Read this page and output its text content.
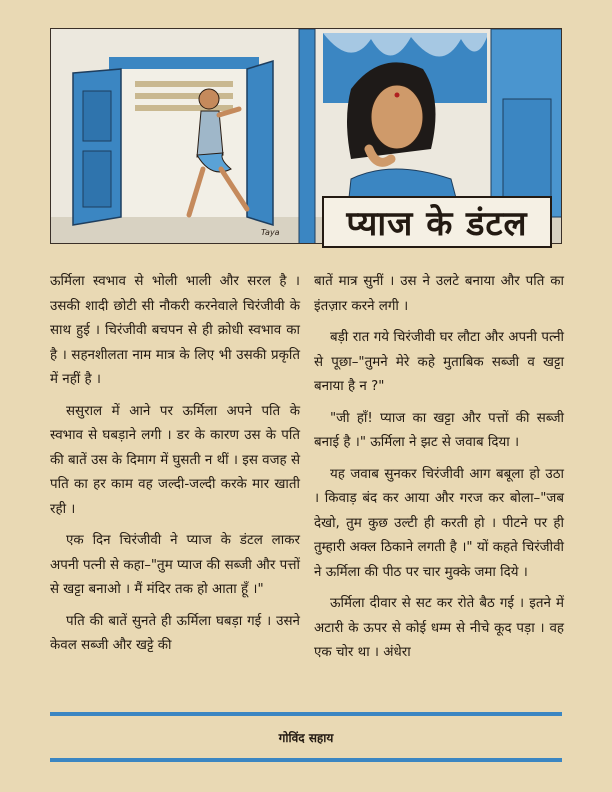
Taya प्याज के डंटल

ऊर्मिला स्वभाव से भोली भाली और सरल है । उसकी शादी छोटी सी नौकरी करनेवाले चिरंजीवी के साथ हुई । चिरंजीवी बचपन से ही क्रोधी स्वभाव का है । सहनशीलता नाम मात्र के लिए भी उसकी प्रकृति में नहीं है ।

ससुराल में आने पर ऊर्मिला अपने पति के स्वभाव से घबड़ाने लगी । डर के कारण उस के पति की बातें उस के दिमाग में घुसती न थीं । इस वजह से पति का हर काम वह जल्दी-जल्दी करके मार खाती रही ।

एक दिन चिरंजीवी ने प्याज के डंटल लाकर अपनी पत्नी से कहा–"तुम प्याज की सब्जी और पत्तों से खट्टा बनाओ । मैं मंदिर तक हो आता हूँ ।"

पति की बातें सुनते ही ऊर्मिला घबड़ा गई । उसने केवल सब्जी और खट्टे की

बातें मात्र सुनीं । उस ने उलटे बनाया और पति का इंतज़ार करने लगी ।

बड़ी रात गये चिरंजीवी घर लौटा और अपनी पत्नी से पूछा–"तुमने मेरे कहे मुताबिक सब्जी व खट्टा बनाया है न ?"

"जी हाँ! प्याज का खट्टा और पत्तों की सब्जी बनाई है ।" ऊर्मिला ने झट से जवाब दिया ।

यह जवाब सुनकर चिरंजीवी आग बबूला हो उठा । किवाड़ बंद कर आया और गरज कर बोला–"जब देखो, तुम कुछ उल्टी ही करती हो । पीटने पर ही तुम्हारी अक्ल ठिकाने लगती है ।" यों कहते चिरंजीवी ने ऊर्मिला की पीठ पर चार मुक्के जमा दिये ।

ऊर्मिला दीवार से सट कर रोते बैठ गई । इतने में अटारी के ऊपर से कोई धम्म से नीचे कूद पड़ा । वह एक चोर था । अंधेरा

गोविंद सहाय
